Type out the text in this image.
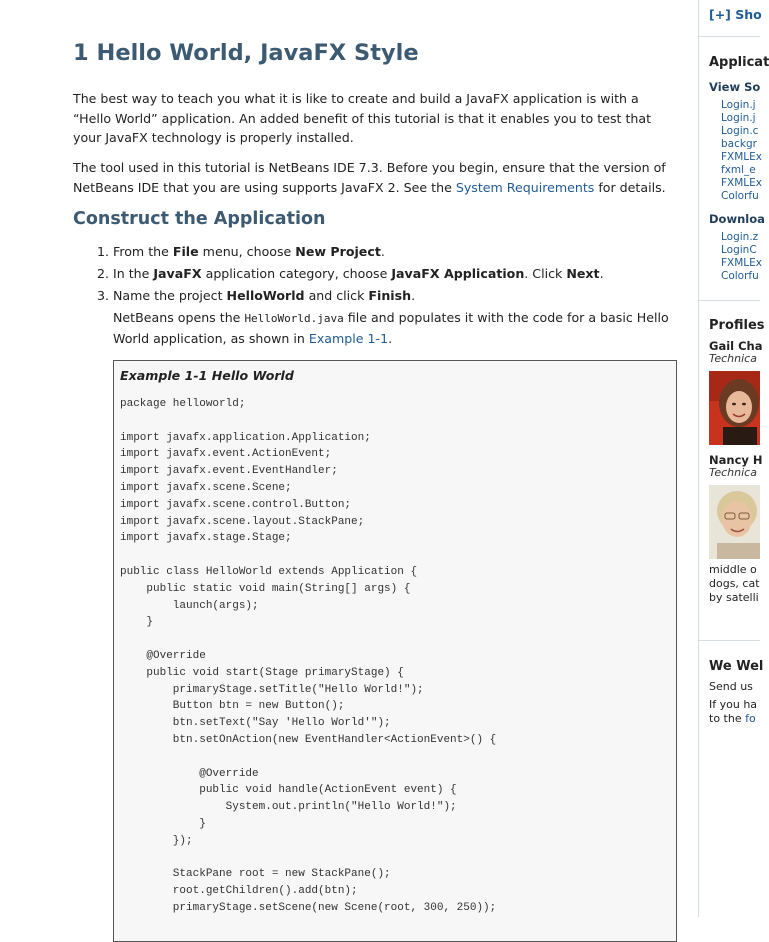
1 Hello World, JavaFX Style

The best way to teach you what it is like to create and build a JavaFX application is with a “Hello World” application. An added benefit of this tutorial is that it enables you to test that your JavaFX technology is properly installed.

The tool used in this tutorial is NetBeans IDE 7.3. Before you begin, ensure that the version of NetBeans IDE that you are using supports JavaFX 2. See the System Requirements for details.

Construct the Application
1. From the File menu, choose New Project.
2. In the JavaFX application category, choose JavaFX Application. Click Next.
3. Name the project HelloWorld and click Finish.
NetBeans opens the HelloWorld.java file and populates it with the code for a basic Hello World application, as shown in Example 1-1.
Example 1-1 Hello World
package helloworld;

import javafx.application.Application;
import javafx.event.ActionEvent;
import javafx.event.EventHandler;
import javafx.scene.Scene;
import javafx.scene.control.Button;
import javafx.scene.layout.StackPane;
import javafx.stage.Stage;

public class HelloWorld extends Application {
public static void main(String[] args) {
launch(args);
}

@Override
public void start(Stage primaryStage) {
primaryStage.setTitle("Hello World!");
Button btn = new Button();
btn.setText("Say 'Hello World'");
btn.setOnAction(new EventHandler<ActionEvent>() {

@Override
public void handle(ActionEvent event) {
System.out.println("Hello World!");
}
});

StackPane root = new StackPane();
root.getChildren().add(btn);
primaryStage.setScene(new Scene(root, 300, 250));
[+] Sho
Applicat
View So
Login.j
Login.j
Login.c
backgr
FXMLEx
fxml_e
FXMLEx
Colorfu
Downloa
Login.z
LoginC
FXMLEx
Colorfu
Profiles
Gail Cha
Technica
Nancy H
Technica
middle o
dogs, cat
by satelli
We Wel
Send us
If you ha
to the fo
